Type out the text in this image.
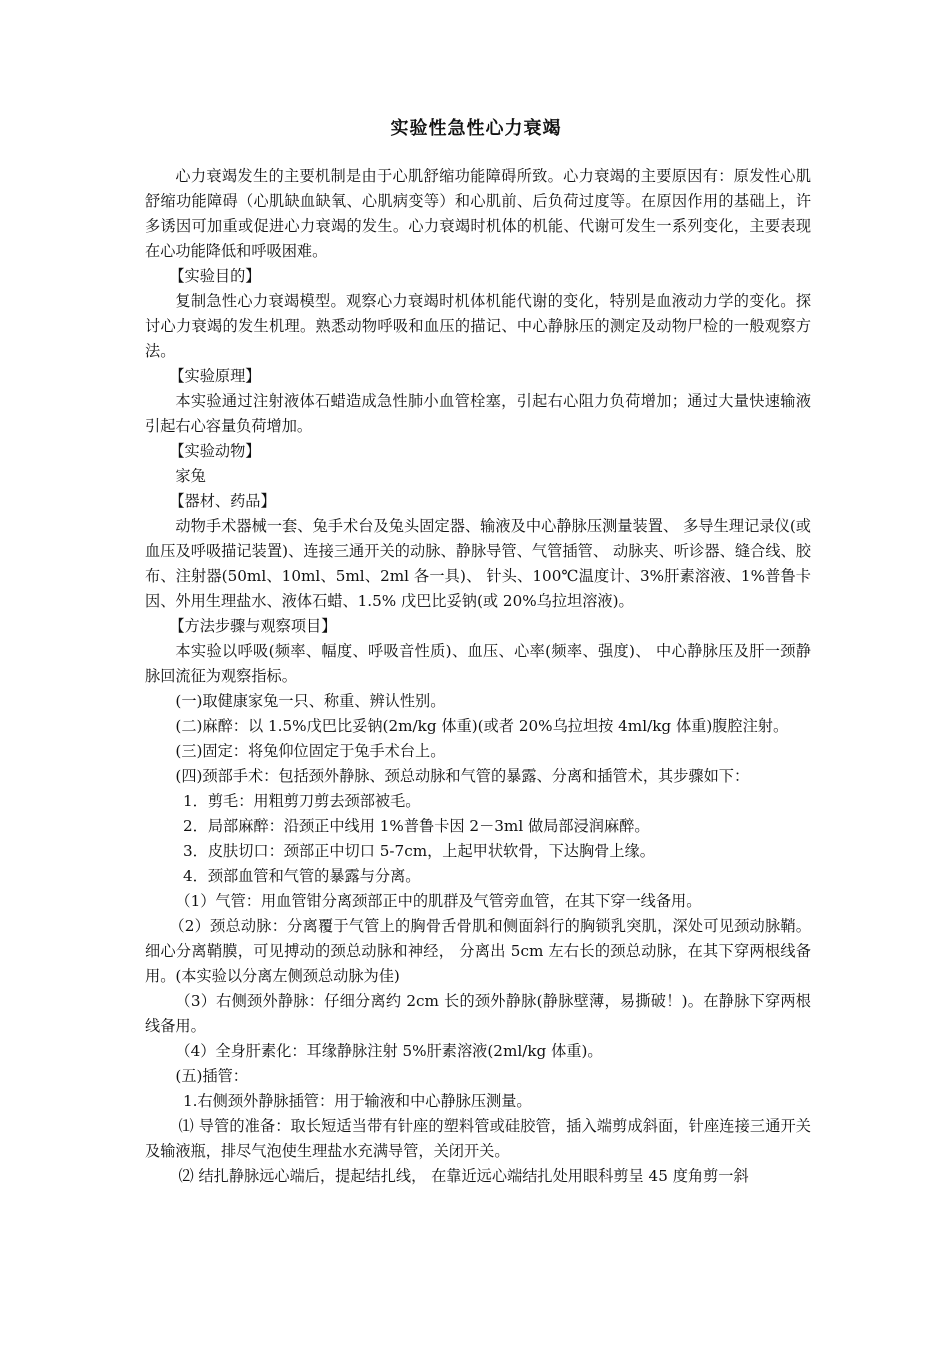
实验性急性心力衰竭

心力衰竭发生的主要机制是由于心肌舒缩功能障碍所致。心力衰竭的主要原因有：原发性心肌舒缩功能障碍（心肌缺血缺氧、心肌病变等）和心肌前、后负荷过度等。在原因作用的基础上，许多诱因可加重或促进心力衰竭的发生。心力衰竭时机体的机能、代谢可发生一系列变化，主要表现在心功能降低和呼吸困难。

【实验目的】

复制急性心力衰竭模型。观察心力衰竭时机体机能代谢的变化，特别是血液动力学的变化。探讨心力衰竭的发生机理。熟悉动物呼吸和血压的描记、中心静脉压的测定及动物尸检的一般观察方法。

【实验原理】

本实验通过注射液体石蜡造成急性肺小血管栓塞，引起右心阻力负荷增加；通过大量快速输液引起右心容量负荷增加。

【实验动物】

家兔

【器材、药品】

动物手术器械一套、兔手术台及兔头固定器、输液及中心静脉压测量装置、 多导生理记录仪(或血压及呼吸描记装置)、连接三通开关的动脉、静脉导管、气管插管、 动脉夹、听诊器、缝合线、胶布、注射器(50ml、10ml、5ml、2ml 各一具)、 针头、100℃温度计、3%肝素溶液、1%普鲁卡因、外用生理盐水、液体石蜡、1.5% 戊巴比妥钠(或 20%乌拉坦溶液)。

【方法步骤与观察项目】

本实验以呼吸(频率、幅度、呼吸音性质)、血压、心率(频率、强度)、 中心静脉压及肝一颈静脉回流征为观察指标。

(一)取健康家兔一只、称重、辨认性别。

(二)麻醉：以 1.5%戊巴比妥钠(2m/kg 体重)(或者 20%乌拉坦按 4ml/kg 体重)腹腔注射。

(三)固定：将兔仰位固定于兔手术台上。

(四)颈部手术：包括颈外静脉、颈总动脉和气管的暴露、分离和插管术，其步骤如下：

1．剪毛：用粗剪刀剪去颈部被毛。

2．局部麻醉：沿颈正中线用 1%普鲁卡因 2－3ml 做局部浸润麻醉。

3．皮肤切口：颈部正中切口 5-7cm，上起甲状软骨，下达胸骨上缘。

4．颈部血管和气管的暴露与分离。

（1）气管：用血管钳分离颈部正中的肌群及气管旁血管，在其下穿一线备用。

（2）颈总动脉：分离覆于气管上的胸骨舌骨肌和侧面斜行的胸锁乳突肌，深处可见颈动脉鞘。细心分离鞘膜，可见搏动的颈总动脉和神经， 分离出 5cm 左右长的颈总动脉，在其下穿两根线备用。(本实验以分离左侧颈总动脉为佳)

（3）右侧颈外静脉：仔细分离约 2cm 长的颈外静脉(静脉壁薄，易撕破！)。在静脉下穿两根线备用。

（4）全身肝素化：耳缘静脉注射 5%肝素溶液(2ml/kg 体重)。

(五)插管：

1.右侧颈外静脉插管：用于输液和中心静脉压测量。

⑴ 导管的准备：取长短适当带有针座的塑料管或硅胶管，插入端剪成斜面，针座连接三通开关及输液瓶，排尽气泡使生理盐水充满导管，关闭开关。

⑵ 结扎静脉远心端后，提起结扎线， 在靠近远心端结扎处用眼科剪呈 45 度角剪一斜
